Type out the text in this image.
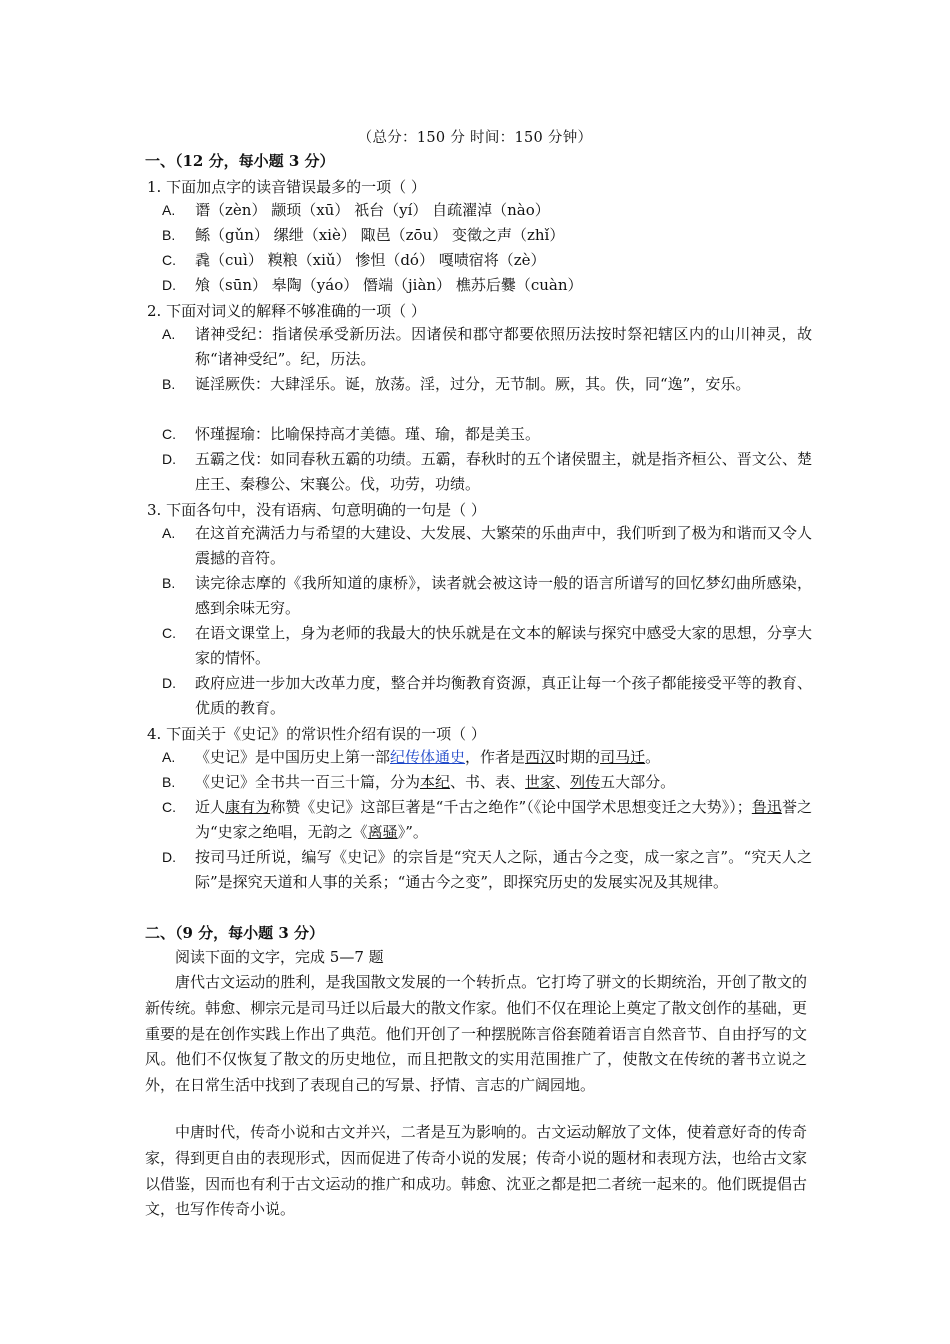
（总分：150 分 时间：150 分钟）
一、（12 分，每小题 3 分）
1. 下面加点字的读音错误最多的一项（ ）
A.	谮（zèn） 颛顼（xū） 祇台（yí） 自疏濯淖（nào）
B.	鲧（gǔn） 缧绁（xiè） 陬邑（zōu） 变徵之声（zhǐ）
C.	毳（cuì） 糗粮（xiǔ） 惨怛（dó） 嘎啧宿将（zè）
D.	飧（sūn） 皋陶（yáo） 僭端（jiàn） 樵苏后爨（cuàn）
2. 下面对词义的解释不够准确的一项（ ）
A.	诸神受纪：指诸侯承受新历法。因诸侯和郡守都要依照历法按时祭祀辖区内的山川神灵，故称“诸神受纪”。纪，历法。
B.	诞淫厥佚：大肆淫乐。诞，放荡。淫，过分，无节制。厥，其。佚，同“逸”，安乐。
C.	怀瑾握瑜：比喻保持高才美德。瑾、瑜，都是美玉。
D.	五霸之伐：如同春秋五霸的功绩。五霸，春秋时的五个诸侯盟主，就是指齐桓公、晋文公、楚庄王、秦穆公、宋襄公。伐，功劳，功绩。
3. 下面各句中，没有语病、句意明确的一句是（ ）
A.	在这首充满活力与希望的大建设、大发展、大繁荣的乐曲声中，我们听到了极为和谐而又令人震撼的音符。
B.	读完徐志摩的《我所知道的康桥》，读者就会被这诗一般的语言所谱写的回忆梦幻曲所感染，感到余味无穷。
C.	在语文课堂上，身为老师的我最大的快乐就是在文本的解读与探究中感受大家的思想，分享大家的情怀。
D.	政府应进一步加大改革力度，整合并均衡教育资源，真正让每一个孩子都能接受平等的教育、优质的教育。
4. 下面关于《史记》的常识性介绍有误的一项（ ）
A.	《史记》是中国历史上第一部纪传体通史，作者是西汉时期的司马迁。
B.	《史记》全书共一百三十篇，分为本纪、书、表、世家、列传五大部分。
C.	近人康有为称赞《史记》这部巨著是“千古之绝作”（《论中国学术思想变迁之大势》）；鲁迅誉之为“史家之绝唱，无韵之《离骚》”。
D.	按司马迁所说，编写《史记》的宗旨是“究天人之际，通古今之变，成一家之言”。“究天人之际”是探究天道和人事的关系；“通古今之变”，即探究历史的发展实况及其规律。
二、（9 分，每小题 3 分）
阅读下面的文字，完成 5—7 题
唐代古文运动的胜利，是我国散文发展的一个转折点。它打垮了骈文的长期统治，开创了散文的新传统。韩愈、柳宗元是司马迁以后最大的散文作家。他们不仅在理论上奠定了散文创作的基础，更重要的是在创作实践上作出了典范。他们开创了一种摆脱陈言俗套随着语言自然音节、自由抒写的文风。他们不仅恢复了散文的历史地位，而且把散文的实用范围推广了，使散文在传统的著书立说之外，在日常生活中找到了表现自己的写景、抒情、言志的广阔园地。
中唐时代，传奇小说和古文并兴，二者是互为影响的。古文运动解放了文体，使着意好奇的传奇家，得到更自由的表现形式，因而促进了传奇小说的发展；传奇小说的题材和表现方法，也给古文家以借鉴，因而也有利于古文运动的推广和成功。韩愈、沈亚之都是把二者统一起来的。他们既提倡古文，也写作传奇小说。
